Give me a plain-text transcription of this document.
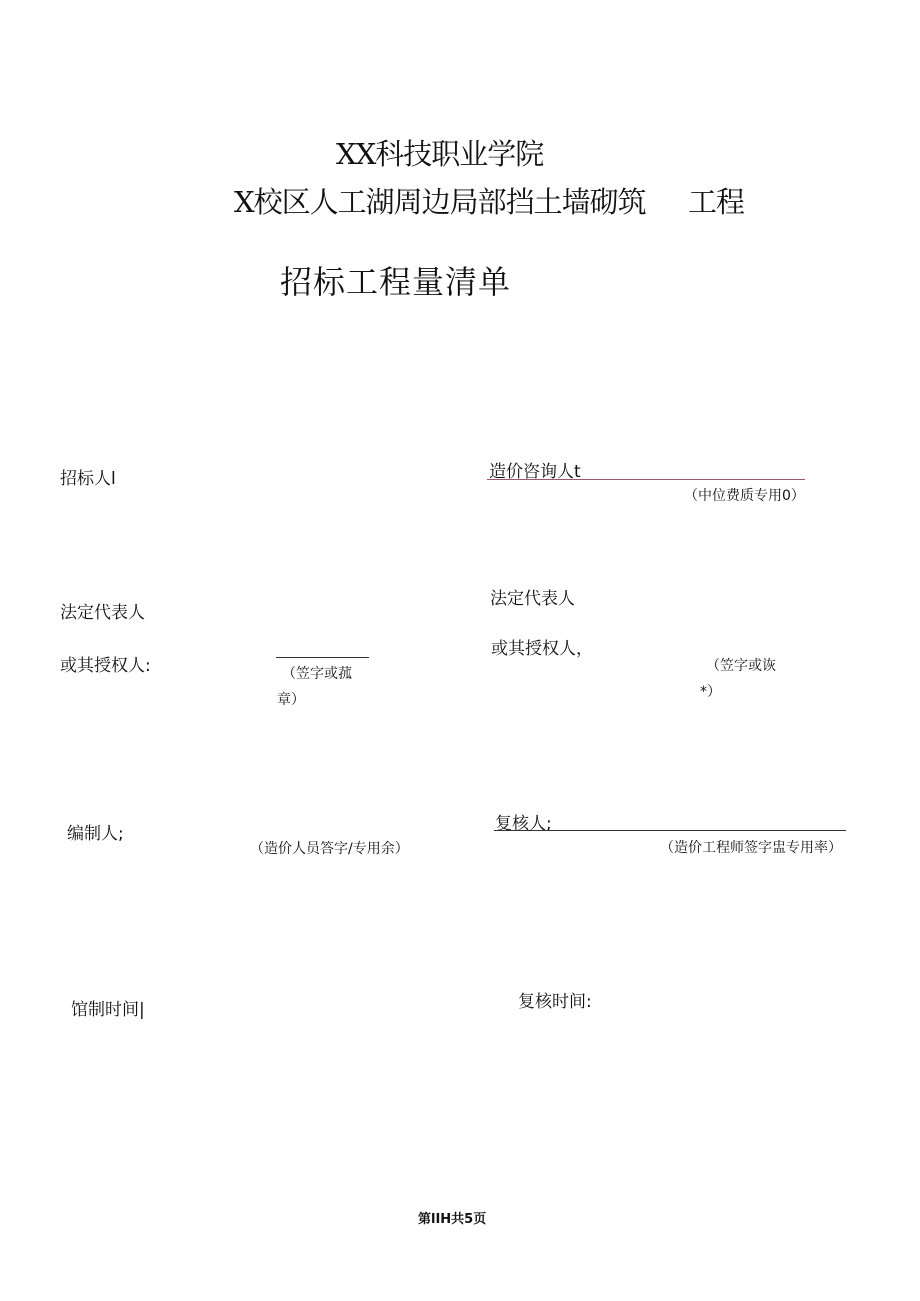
XX科技职业学院
X校区人工湖周边局部挡土墙砌筑 工程
招标工程量清单
招标人l
法定代表人
或其授权人:	（笠字或菰
章）
编制人;
（造价人员答字/专用余）
馆制时间|
造价咨询人t
（中位费质专用0）
法定代表人
或其授权人，
（笠字或诙
*）
复核人;
（造价工程师签字盅专用率）
复核时间:
第lIH共5页
